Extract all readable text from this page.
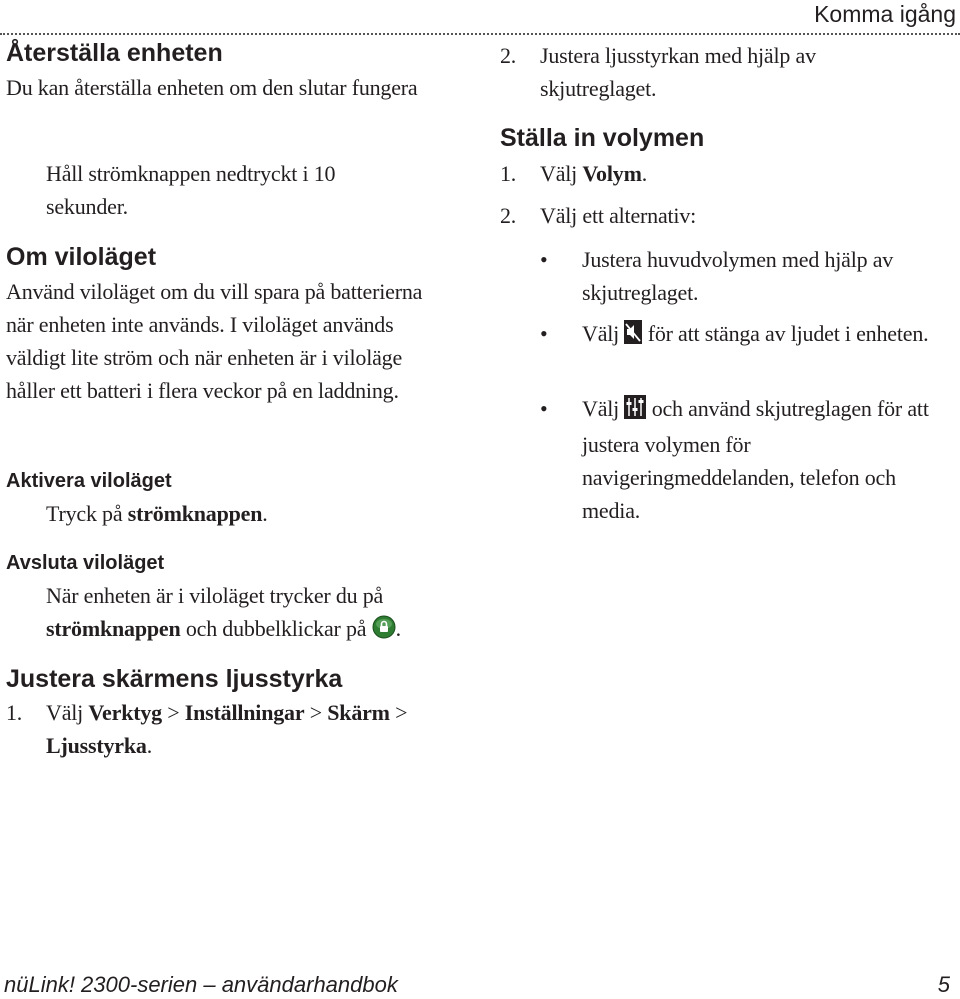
Komma igång
Återställa enheten

Du kan återställa enheten om den slutar fungera

Håll strömknappen nedtryckt i 10 sekunder.

Om viloläget

Använd viloläget om du vill spara på batterierna när enheten inte används. I viloläget används väldigt lite ström och när enheten är i viloläge håller ett batteri i flera veckor på en laddning.

Aktivera viloläget

Tryck på strömknappen.

Avsluta viloläget

När enheten är i viloläget trycker du på
strömknappen och dubbelklickar på .

Justera skärmens ljusstyrka

1. Välj Verktyg > Inställningar > Skärm >
Ljusstyrka.

2. Justera ljusstyrkan med hjälp av skjutreglaget.

Ställa in volymen

1. Välj Volym.

2. Välj ett alternativ:

• Justera huvudvolymen med hjälp av skjutreglaget.
• Välj  för att stänga av ljudet i enheten.
• Välj  och använd skjutreglagen för att justera volymen för navigeringmeddelanden, telefon och media.
nüLink! 2300-serien – användarhandbok	5
